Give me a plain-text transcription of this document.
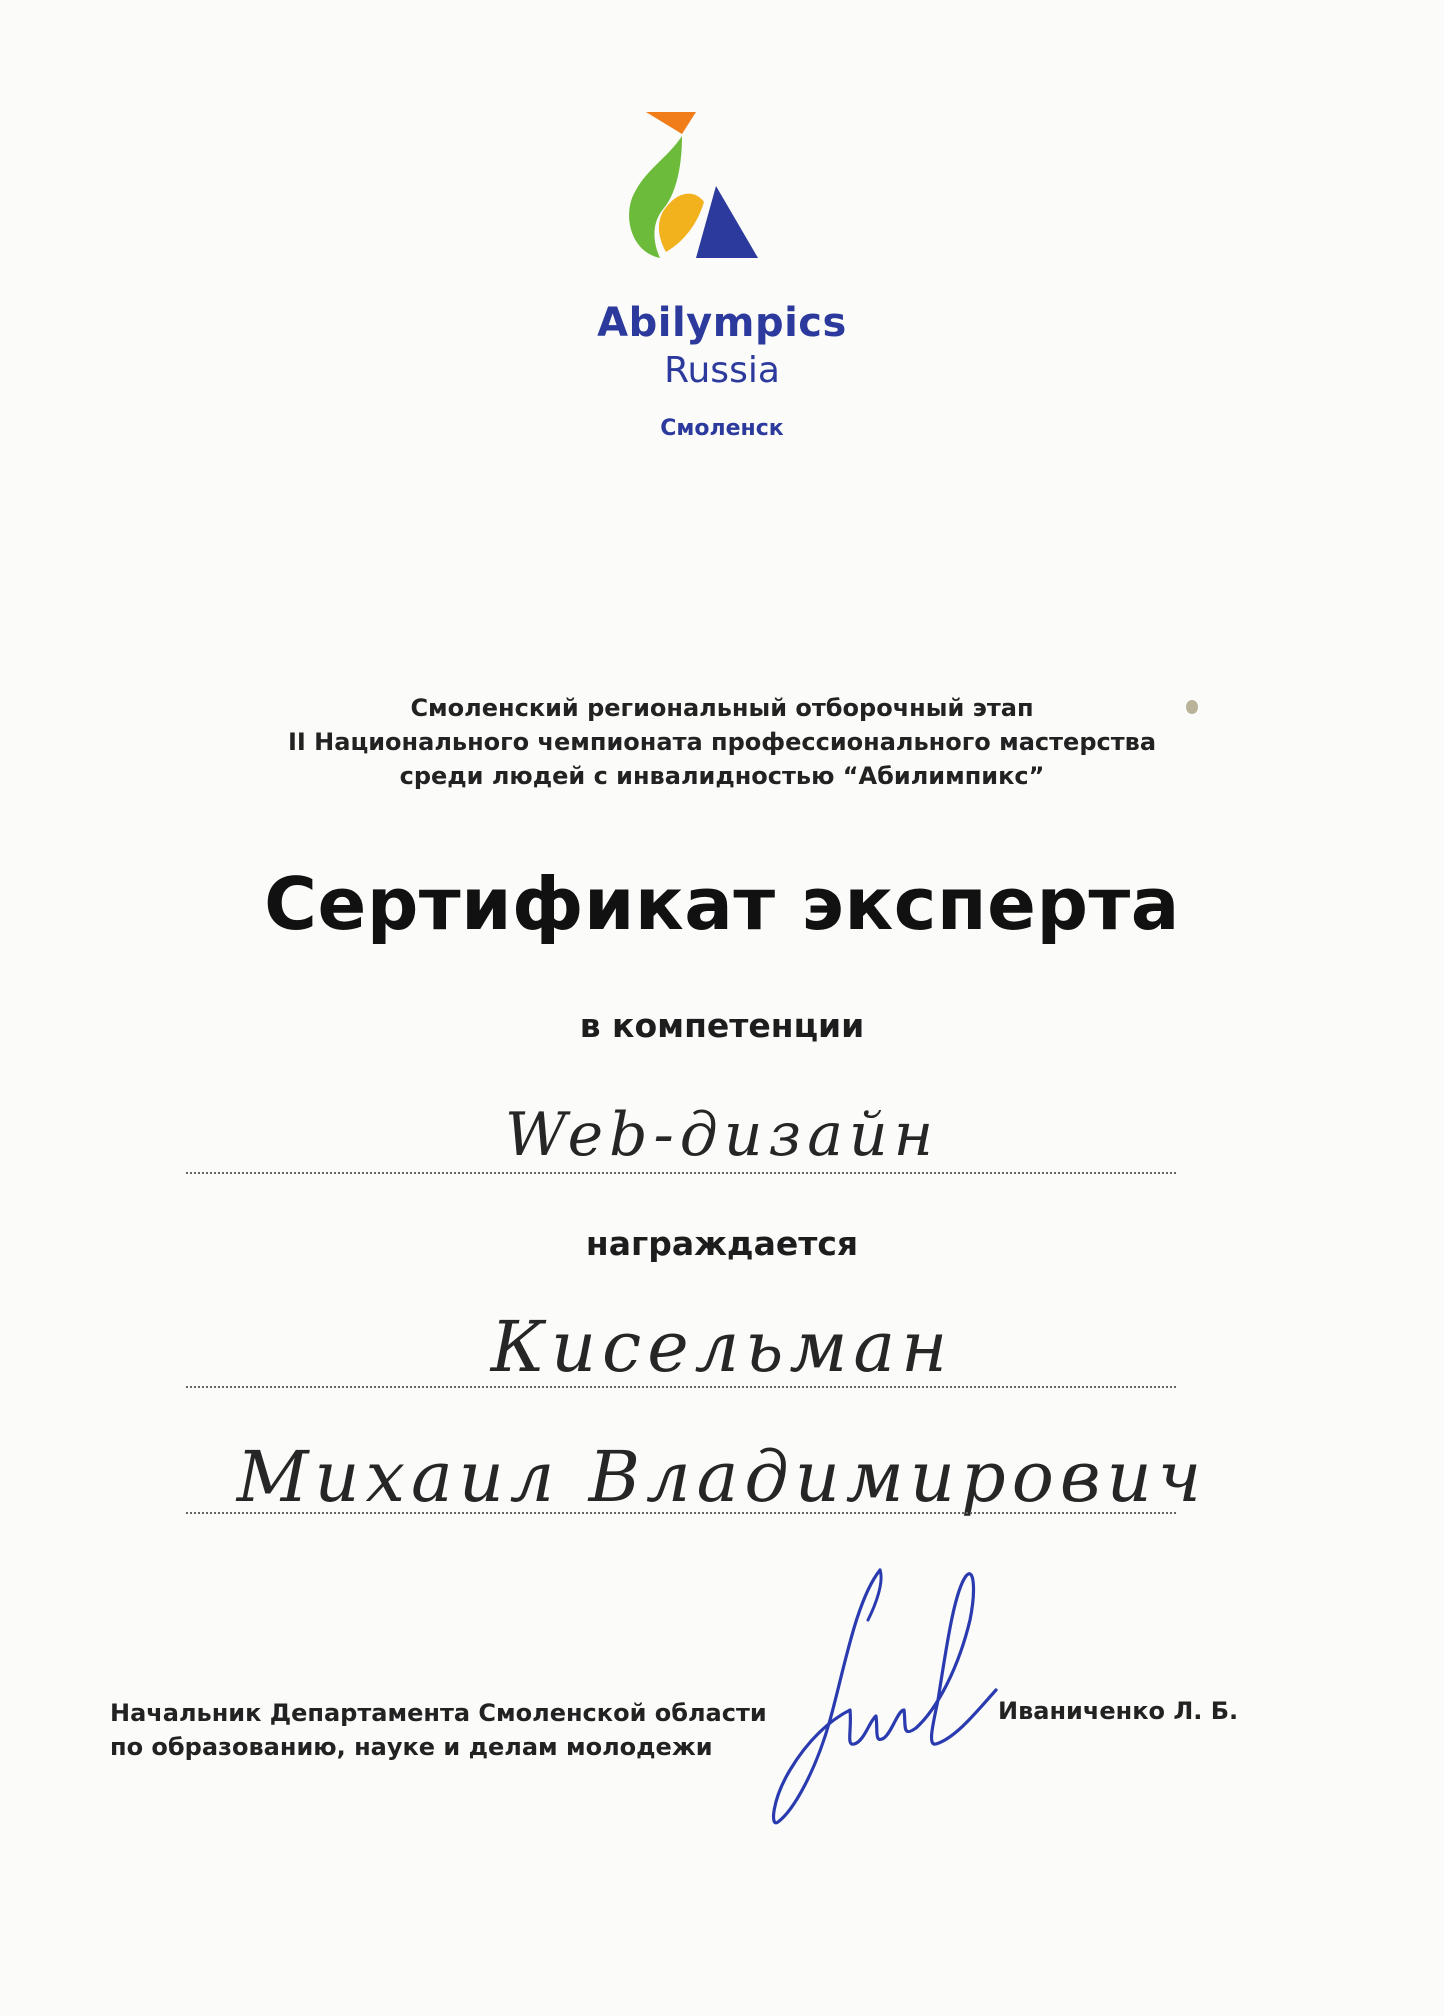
Abilympics
Russia
Смоленск
Смоленский региональный отборочный этап
II Национального чемпионата профессионального мастерства
среди людей с инвалидностью “Абилимпикс”
Сертификат эксперта
в компетенции
Web-дизайн
награждается
Кисельман
Михаил Владимирович
Начальник Департамента Смоленской области
по образованию, науке и делам молодежи
Иваниченко Л. Б.
